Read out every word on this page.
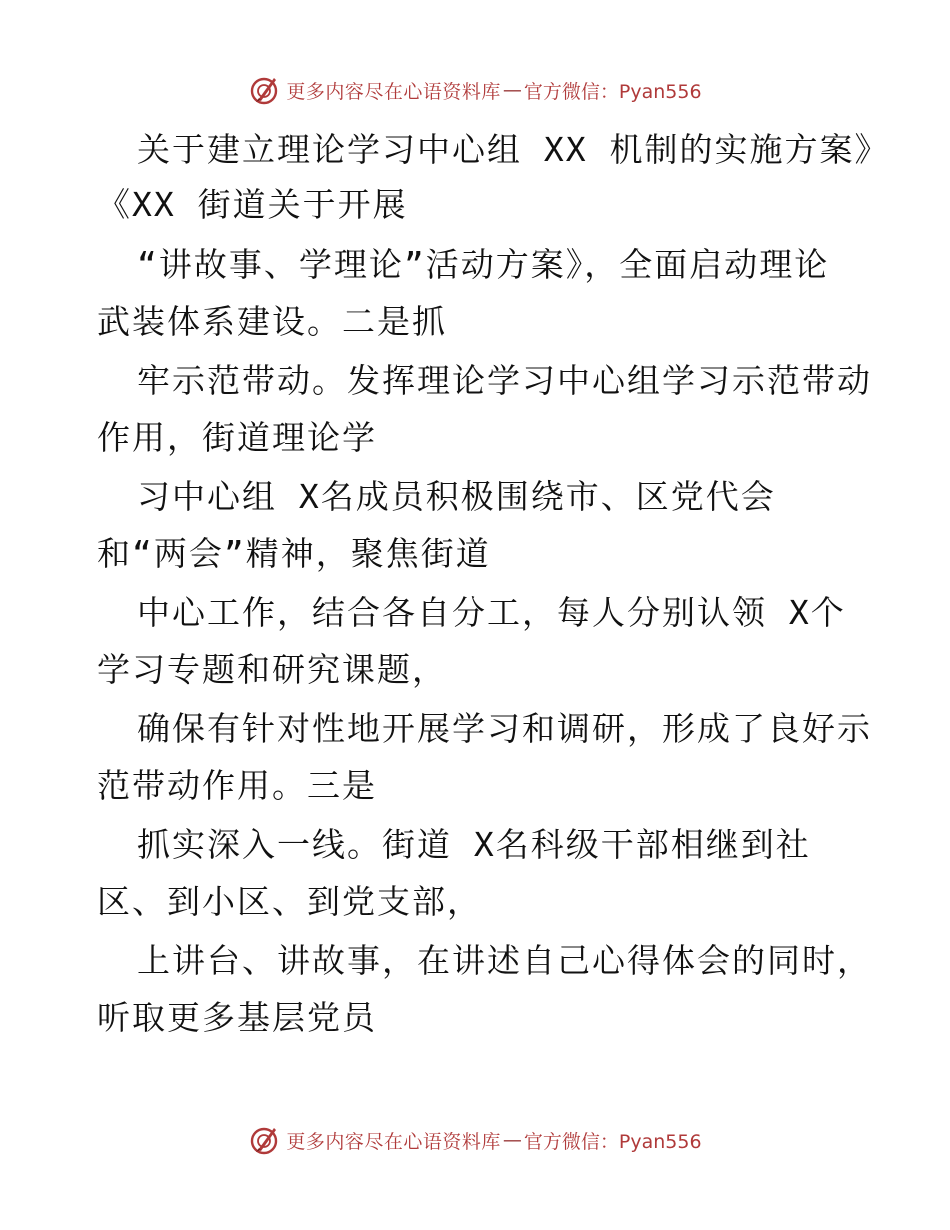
更多内容尽在心语资料库 — 官方微信：Pyan556
关于建立理论学习中心组 XX 机制的实施方案》
《XX 街道关于开展
“讲故事、学理论”活动方案》，全面启动理论
武装体系建设。二是抓
牢示范带动。发挥理论学习中心组学习示范带动
作用，街道理论学
习中心组 X名成员积极围绕市、区党代会
和“两会”精神，聚焦街道
中心工作，结合各自分工，每人分别认领 X个
学习专题和研究课题，
确保有针对性地开展学习和调研，形成了良好示
范带动作用。三是
抓实深入一线。街道 X名科级干部相继到社
区、到小区、到党支部，
上讲台、讲故事，在讲述自己心得体会的同时，
听取更多基层党员
更多内容尽在心语资料库 — 官方微信：Pyan556
